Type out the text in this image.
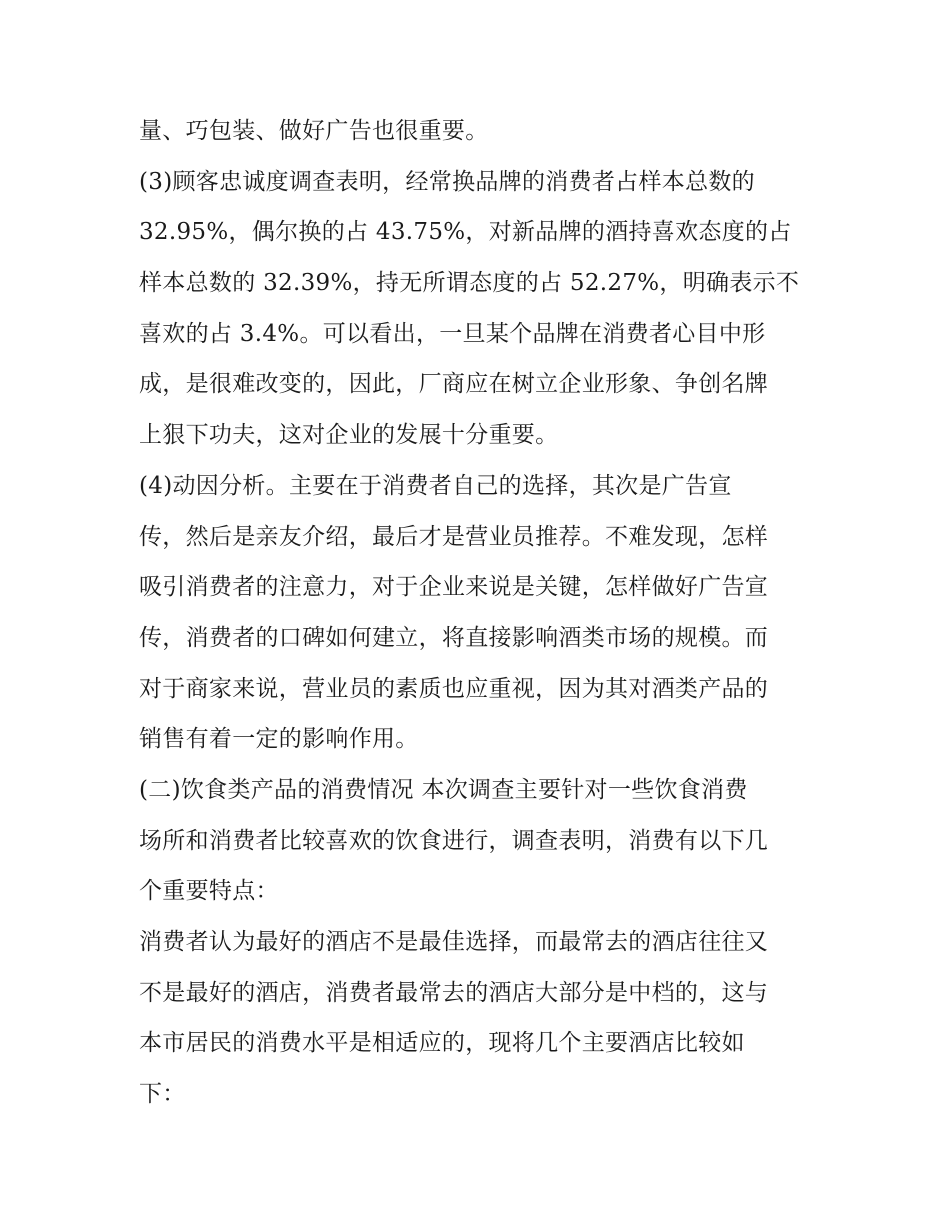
量、巧包装、做好广告也很重要。
(3)顾客忠诚度调查表明，经常换品牌的消费者占样本总数的
32.95%，偶尔换的占 43.75%，对新品牌的酒持喜欢态度的占
样本总数的 32.39%，持无所谓态度的占 52.27%，明确表示不
喜欢的占 3.4%。可以看出，一旦某个品牌在消费者心目中形
成，是很难改变的，因此，厂商应在树立企业形象、争创名牌
上狠下功夫，这对企业的发展十分重要。
(4)动因分析。主要在于消费者自己的选择，其次是广告宣
传，然后是亲友介绍，最后才是营业员推荐。不难发现，怎样
吸引消费者的注意力，对于企业来说是关键，怎样做好广告宣
传，消费者的口碑如何建立，将直接影响酒类市场的规模。而
对于商家来说，营业员的素质也应重视，因为其对酒类产品的
销售有着一定的影响作用。
(二)饮食类产品的消费情况 本次调查主要针对一些饮食消费
场所和消费者比较喜欢的饮食进行，调查表明，消费有以下几
个重要特点：
消费者认为最好的酒店不是最佳选择，而最常去的酒店往往又
不是最好的酒店，消费者最常去的酒店大部分是中档的，这与
本市居民的消费水平是相适应的，现将几个主要酒店比较如
下：
